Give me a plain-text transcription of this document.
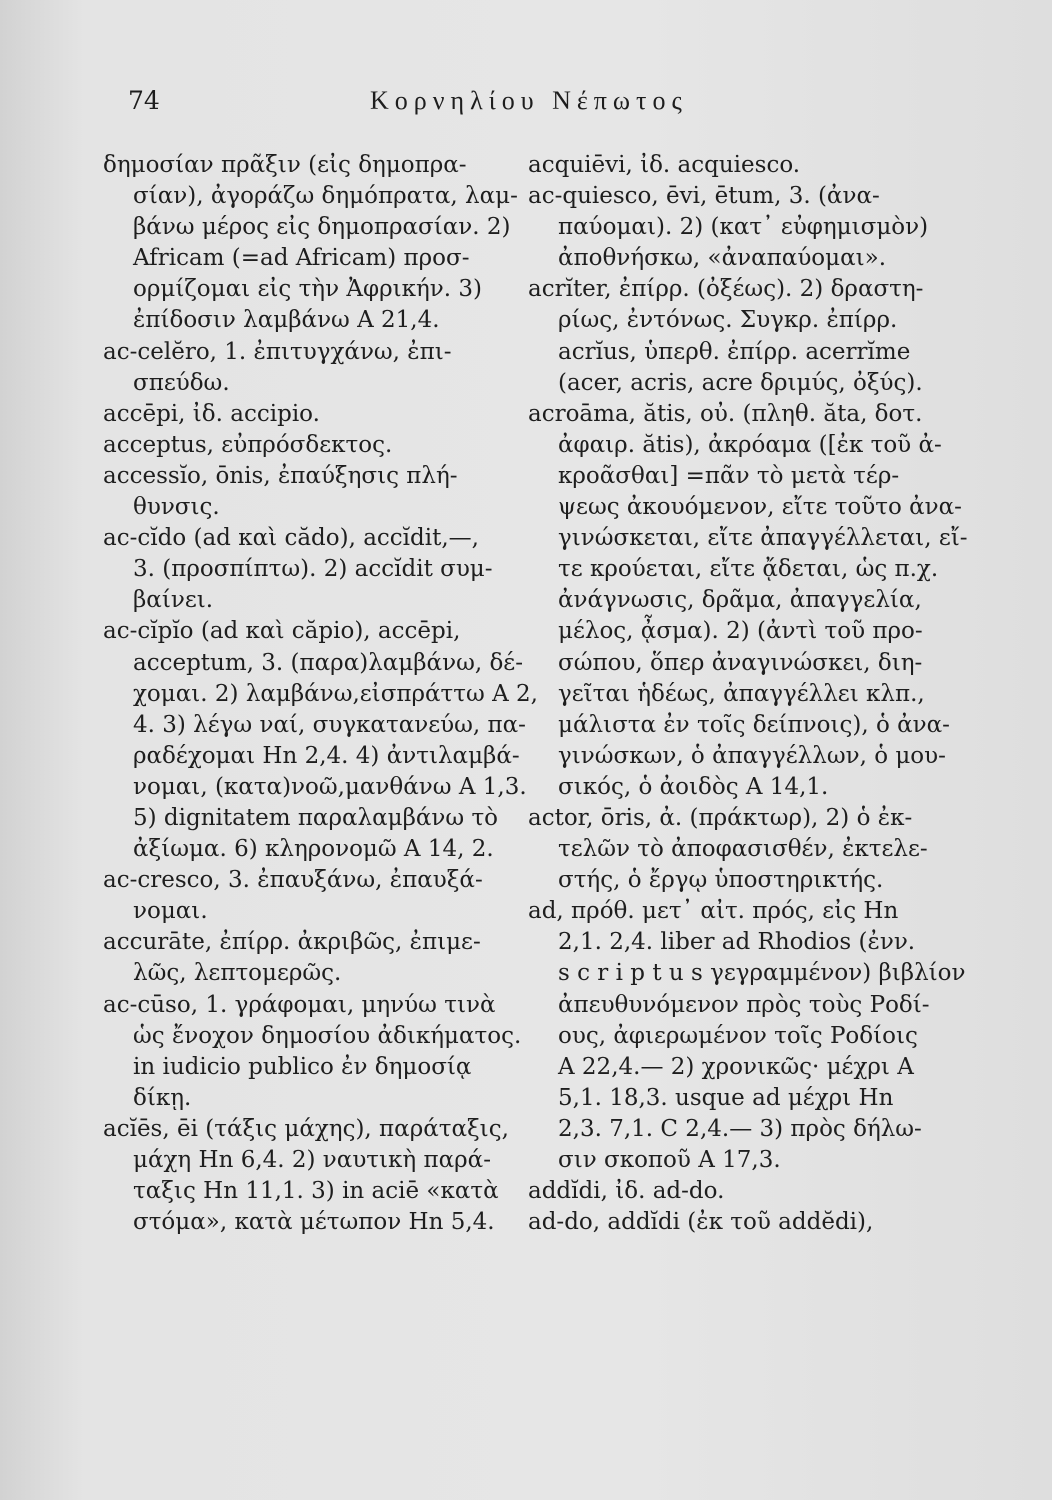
74	Κορνηλίου Νέπωτος
δημοσίαν πρᾶξιν (εἰς δημοπρα-
σίαν), ἀγοράζω δημόπρατα, λαμ-
βάνω μέρος εἰς δημοπρασίαν. 2)
Africam (=ad Africam) προσ-
ορμίζομαι εἰς τὴν Ἀφρικήν. 3)
ἐπίδοσιν λαμβάνω A 21,4.
ac-celĕro, 1. ἐπιτυγχάνω, ἐπι-
σπεύδω.
accēpi, ἰδ. accipio.
acceptus, εὐπρόσδεκτος.
accessĭo, ōnis, ἐπαύξησις πλή-
θυνσις.
ac-cĭdo (ad καὶ cădo), accĭdit,—,
3. (προσπίπτω). 2) accĭdit συμ-
βαίνει.
ac-cĭpĭo (ad καὶ căpio), accēpi,
acceptum, 3. (παρα)λαμβάνω, δέ-
χομαι. 2) λαμβάνω,εἰσπράττω A 2,
4. 3) λέγω ναί, συγκατανεύω, πα-
ραδέχομαι Hn 2,4. 4) ἀντιλαμβά-
νομαι, (κατα)νοῶ,μανθάνω A 1,3.
5) dignitatem παραλαμβάνω τὸ
ἀξίωμα. 6) κληρονομῶ A 14, 2.
ac-cresco, 3. ἐπαυξάνω, ἐπαυξά-
νομαι.
accurāte, ἐπίρρ. ἀκριβῶς, ἐπιμε-
λῶς, λεπτομερῶς.
ac-cūso, 1. γράφομαι, μηνύω τινὰ
ὡς ἔνοχον δημοσίου ἀδικήματος.
in iudicio publico ἐν δημοσίᾳ
δίκῃ.
acĭēs, ēi (τάξις μάχης), παράταξις,
μάχη Hn 6,4. 2) ναυτικὴ παρά-
ταξις Hn 11,1. 3) in aciē «κατὰ
στόμα», κατὰ μέτωπον Hn 5,4.
acquiēvi, ἰδ. acquiesco.
ac-quiesco, ēvi, ētum, 3. (ἀνα-
παύομαι). 2) (κατ᾽ εὐφημισμὸν)
ἀποθνήσκω, «ἀναπαύομαι».
acrĭter, ἐπίρρ. (ὀξέως). 2) δραστη-
ρίως, ἐντόνως. Συγκρ. ἐπίρρ.
acrĭus, ὑπερθ. ἐπίρρ. acerrĭme
(acer, acris, acre δριμύς, ὀξύς).
acroāma, ătis, οὐ. (πληθ. ăta, δοτ.
ἀφαιρ. ătis), ἀκρόαμα ([ἐκ τοῦ ἀ-
κροᾶσθαι] =πᾶν τὸ μετὰ τέρ-
ψεως ἀκουόμενον, εἴτε τοῦτο ἀνα-
γινώσκεται, εἴτε ἀπαγγέλλεται, εἴ-
τε κρούεται, εἴτε ᾄδεται, ὡς π.χ.
ἀνάγνωσις, δρᾶμα, ἀπαγγελία,
μέλος, ᾆσμα). 2) (ἀντὶ τοῦ προ-
σώπου, ὅπερ ἀναγινώσκει, διη-
γεῖται ἡδέως, ἀπαγγέλλει κλπ.,
μάλιστα ἐν τοῖς δείπνοις), ὁ ἀνα-
γινώσκων, ὁ ἀπαγγέλλων, ὁ μου-
σικός, ὁ ἀοιδὸς A 14,1.
actor, ōris, ἀ. (πράκτωρ), 2) ὁ ἐκ-
τελῶν τὸ ἀποφασισθέν, ἐκτελε-
στής, ὁ ἔργῳ ὑποστηρικτής.
ad, πρόθ. μετ᾽ αἰτ. πρός, εἰς Hn
2,1. 2,4. liber ad Rhodios (ἐνν.
s c r i p t u s γεγραμμένον) βιβλίον
ἀπευθυνόμενον πρὸς τοὺς Ροδί-
ους, ἀφιερωμένον τοῖς Ροδίοις
A 22,4.— 2) χρονικῶς· μέχρι A
5,1. 18,3. usque ad μέχρι Hn
2,3. 7,1. C 2,4.— 3) πρὸς δήλω-
σιν σκοποῦ A 17,3.
addĭdi, ἰδ. ad-do.
ad-do, addĭdi (ἐκ τοῦ addĕdi),
